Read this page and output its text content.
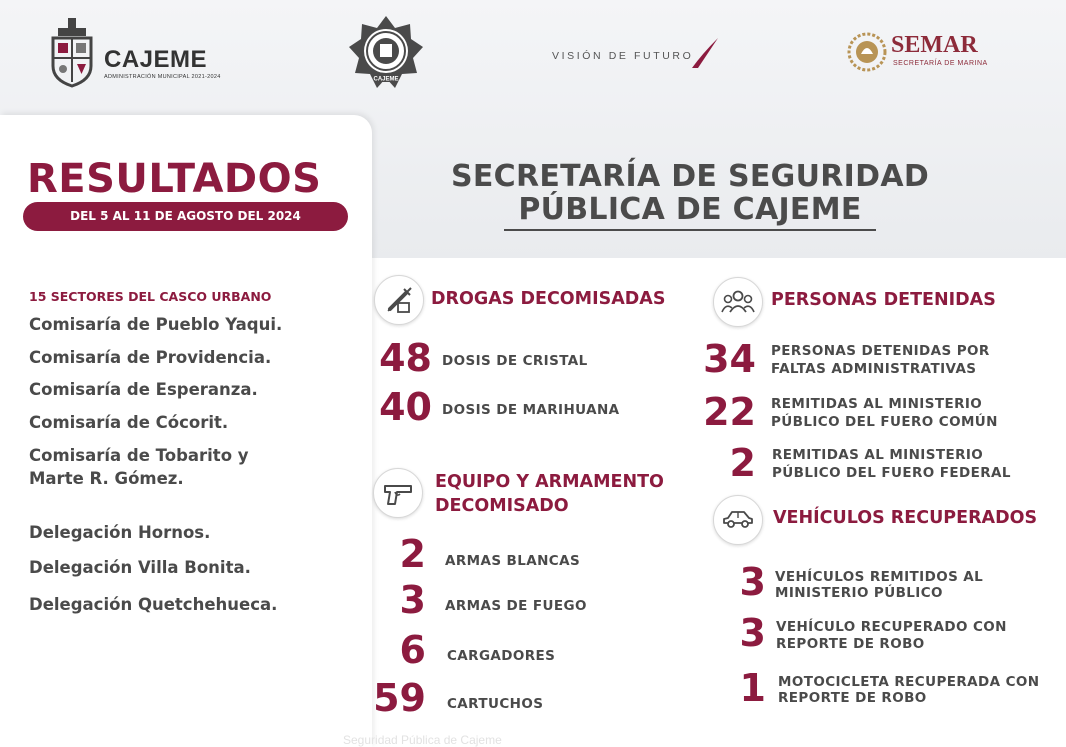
CAJEME
ADMINISTRACIÓN MUNICIPAL 2021-2024	CAJEME
VISIÓN DE FUTURO	SEMAR
SECRETARÍA DE MARINA
RESULTADOS
DEL 5 AL 11 DE AGOSTO DEL 2024
15 SECTORES DEL CASCO URBANO
Comisaría de Pueblo Yaqui.
Comisaría de Providencia.
Comisaría de Esperanza.
Comisaría de Cócorit.
Comisaría de Tobarito y
Marte R. Gómez.
Delegación Hornos.
Delegación Villa Bonita.
Delegación Quetchehueca.
SECRETARÍA DE SEGURIDAD
PÚBLICA DE CAJEME
DROGAS DECOMISADAS
48 DOSIS DE CRISTAL
40 DOSIS DE MARIHUANA
EQUIPO Y ARMAMENTO
DECOMISADO
2 ARMAS BLANCAS
3 ARMAS DE FUEGO
6 CARGADORES
59 CARTUCHOS
PERSONAS DETENIDAS
34 PERSONAS DETENIDAS POR
FALTAS ADMINISTRATIVAS
22 REMITIDAS AL MINISTERIO
PÚBLICO DEL FUERO COMÚN
2 REMITIDAS AL MINISTERIO
PÚBLICO DEL FUERO FEDERAL
VEHÍCULOS RECUPERADOS
3 VEHÍCULOS REMITIDOS AL
MINISTERIO PÚBLICO
3 VEHÍCULO RECUPERADO CON
REPORTE DE ROBO
1 MOTOCICLETA RECUPERADA CON
REPORTE DE ROBO
Seguridad Pública de Cajeme
